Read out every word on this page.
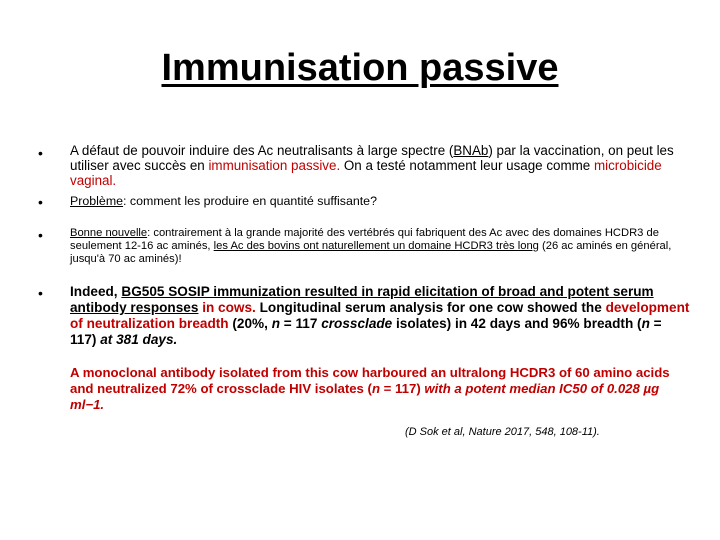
Immunisation passive
• A défaut de pouvoir induire des Ac neutralisants à large spectre (BNAb) par la vaccination, on peut les utiliser avec succès en immunisation passive. On a testé notamment leur usage comme microbicide vaginal.
• Problème: comment les produire en quantité suffisante?
• Bonne nouvelle: contrairement à la grande majorité des vertébrés qui fabriquent des Ac avec des domaines HCDR3 de seulement 12-16 ac aminés, les Ac des bovins ont naturellement un domaine HCDR3 très long (26 ac aminés en général, jusqu'à 70 ac aminés)!
• Indeed, BG505 SOSIP immunization resulted in rapid elicitation of broad and potent serum antibody responses in cows. Longitudinal serum analysis for one cow showed the development of neutralization breadth (20%, n = 117 crossclade isolates) in 42 days and 96% breadth (n = 117) at 381 days.
A monoclonal antibody isolated from this cow harboured an ultralong HCDR3 of 60 amino acids and neutralized 72% of crossclade HIV isolates (n = 117) with a potent median IC50 of 0.028 µg ml−1.
(D Sok et al, Nature 2017, 548, 108-11).
